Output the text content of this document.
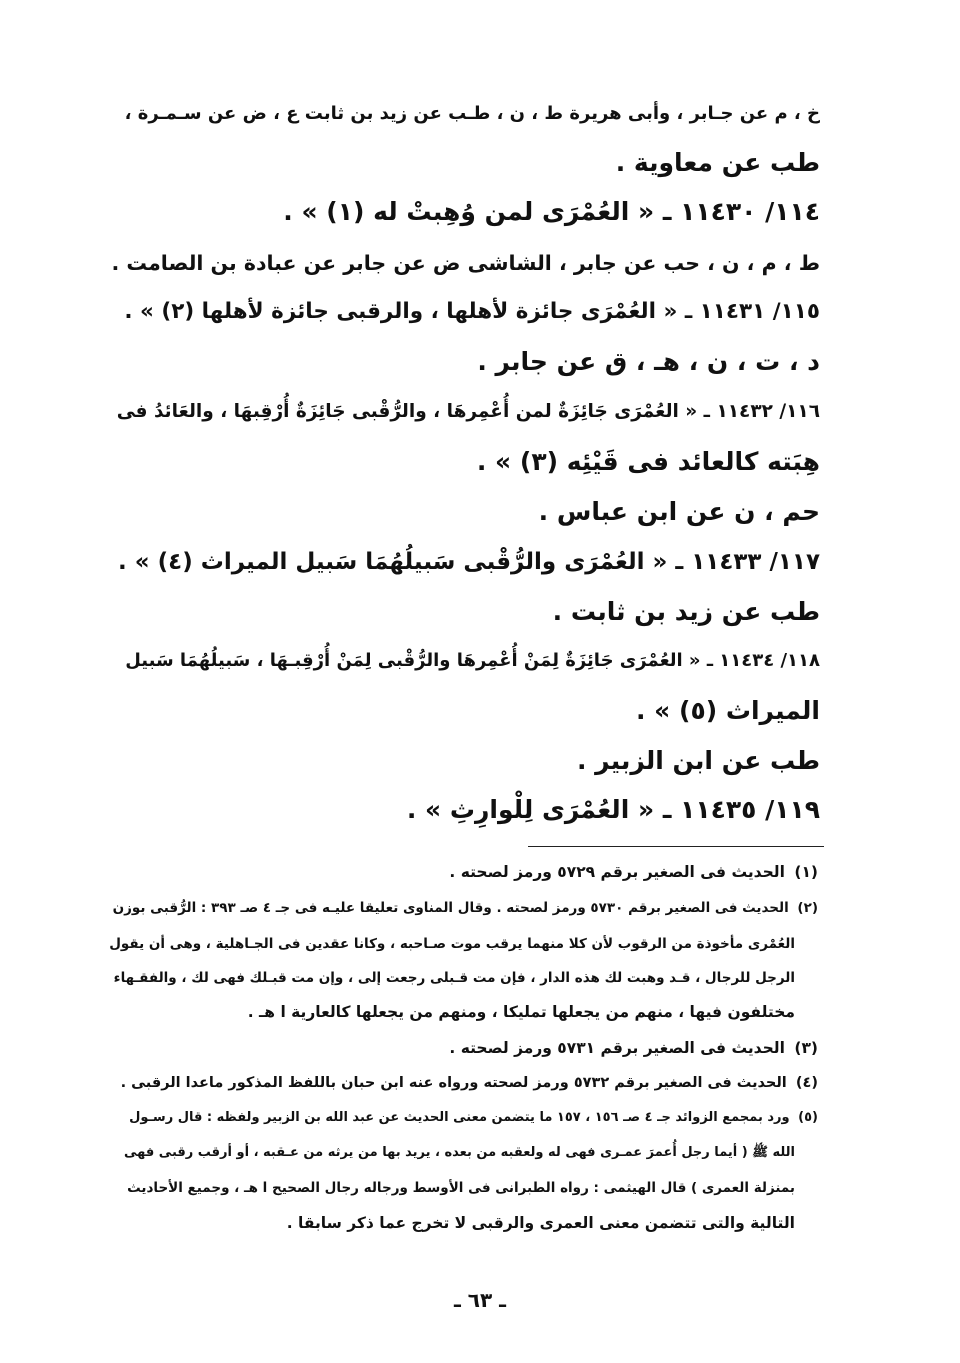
خ ، م عن جـابر ، وأبى هريرة ط ، ن ، طـب عن زيد بن ثابت ع ، ض عن سـمـرة ،
طب عن معاوية .
١١٤/ ١١٤٣٠ ـ « العُمْرَى لمن وُهِبتْ له (١) » .
ط ، م ، ن ، حب عن جابر ، الشاشى ض عن جابر عن عبادة بن الصامت .
١١٥/ ١١٤٣١ ـ « العُمْرَى جائزة لأهلها ، والرقبى جائزة لأهلها (٢) » .
د ، ت ، ن ، هـ ، ق عن جابر .
١١٦/ ١١٤٣٢ ـ « العُمْرَى جَائِزَةٌ لمن أُعْمِرهَا ، والرُّقْبى جَائِزَةٌ أُرْقِبهَا ، والعَائدُ فى
هِبَته كالعائد فى قَيْئِه (٣) » .
حم ، ن عن ابن عباس .
١١٧/ ١١٤٣٣ ـ « العُمْرَى والرُّقْبى سَبيلُهُمَا سَبيل الميراث (٤) » .
طب عن زيد بن ثابت .
١١٨/ ١١٤٣٤ ـ « العُمْرَى جَائِزَةٌ لِمَنْ أُعْمِرهَا والرُّقْبى لِمَنْ أُرْقِبـهَا ، سَبيلُهُمَا سَبيل
الميراث (٥) » .
طب عن ابن الزبير .
١١٩/ ١١٤٣٥ ـ « العُمْرَى لِلْوارِثِ » .
(١) الحديث فى الصغير برقم ٥٧٢٩ ورمز لصحته .
(٢) الحديث فى الصغير برقم ٥٧٣٠ ورمز لصحته . وقال المناوى تعليقا عليـه فى جـ ٤ صـ ٣٩٣ : الرُّقبى بوزن
العُمْرى مأخوذة من الرقوب لأن كلا منهما يرقب موت صـاحبه ، وكانا عقدين فى الجـاهلية ، وهى أن يقول
الرجل للرجال ، قـد وهبت لك هذه الدار ، فإن مت قـبلى رجعت إلى ، وإن مت قبـلك فهى لك ، والفقـهاء
مختلفون فيها ، منهم من يجعلها تمليكا ، ومنهم من يجعلها كالعارية ا هـ .
(٣) الحديث فى الصغير برقم ٥٧٣١ ورمز لصحته .
(٤) الحديث فى الصغير برقم ٥٧٣٢ ورمز لصحته ورواه عنه ابن حبان باللفظ المذكور ماعدا الرقبى .
(٥) ورد بمجمع الزوائد جـ ٤ صـ ١٥٦ ، ١٥٧ ما يتضمن معنى الحديث عن عبد الله بن الزبير ولفظه : قال رسـول
الله ﷺ ( أيما رجل أُعمرَ عمـرى فهى له ولعقبه من بعده ، يريد بها من يرثه من عـقبه ، أو أرقب رقبى فهى
بمنزلة العمرى ) قال الهيثمى : رواه الطبرانى فى الأوسط ورجاله رجال الصحيح ا هـ ، وجميع الأحاديث
التالية والتى تتضمن معنى العمرى والرقبى لا تخرج عما ذكر سابقا .
ـ ٦٣ ـ
